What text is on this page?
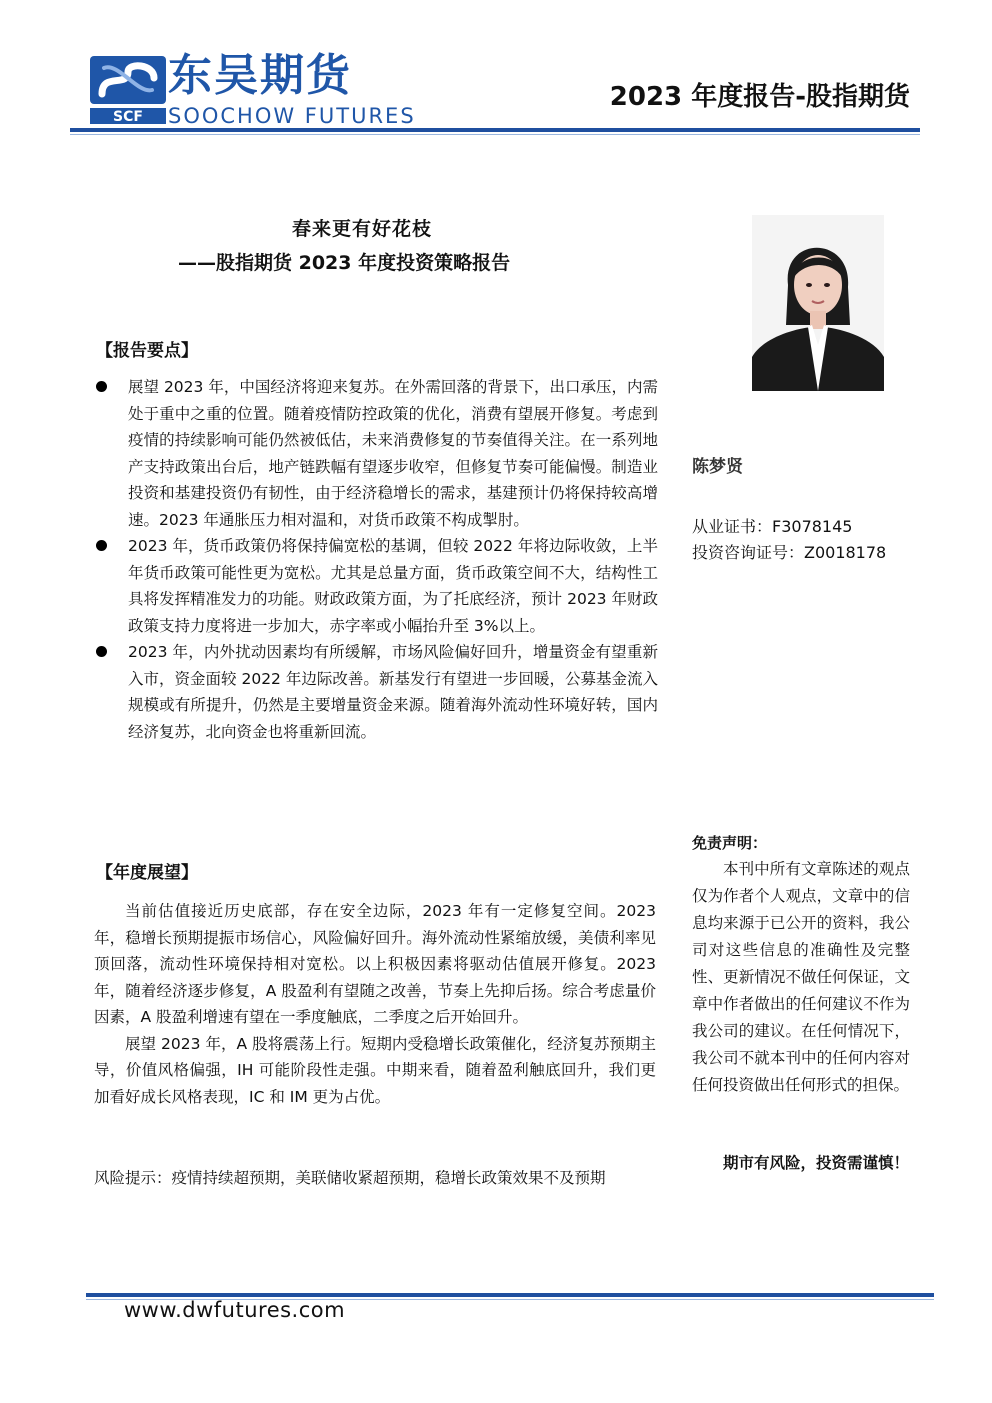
SCF
东吴期货
SOOCHOW FUTURES
2023 年度报告-股指期货
春来更有好花枝
——股指期货 2023 年度投资策略报告
陈梦贤
从业证书：F3078145
投资咨询证号：Z0018178
免责声明：
本刊中所有文章陈述的观点仅为作者个人观点，文章中的信息均来源于已公开的资料，我公司对这些信息的准确性及完整性、更新情况不做任何保证，文章中作者做出的任何建议不作为我公司的建议。在任何情况下，我公司不就本刊中的任何内容对任何投资做出任何形式的担保。
期市有风险，投资需谨慎！
【报告要点】
展望 2023 年，中国经济将迎来复苏。在外需回落的背景下，出口承压，内需处于重中之重的位置。随着疫情防控政策的优化，消费有望展开修复。考虑到疫情的持续影响可能仍然被低估，未来消费修复的节奏值得关注。在一系列地产支持政策出台后，地产链跌幅有望逐步收窄，但修复节奏可能偏慢。制造业投资和基建投资仍有韧性，由于经济稳增长的需求，基建预计仍将保持较高增速。2023 年通胀压力相对温和，对货币政策不构成掣肘。
2023 年，货币政策仍将保持偏宽松的基调，但较 2022 年将边际收敛，上半年货币政策可能性更为宽松。尤其是总量方面，货币政策空间不大，结构性工具将发挥精准发力的功能。财政政策方面，为了托底经济，预计 2023 年财政政策支持力度将进一步加大，赤字率或小幅抬升至 3%以上。
2023 年，内外扰动因素均有所缓解，市场风险偏好回升，增量资金有望重新入市，资金面较 2022 年边际改善。新基发行有望进一步回暖，公募基金流入规模或有所提升，仍然是主要增量资金来源。随着海外流动性环境好转，国内经济复苏，北向资金也将重新回流。
【年度展望】

当前估值接近历史底部，存在安全边际，2023 年有一定修复空间。2023 年，稳增长预期提振市场信心，风险偏好回升。海外流动性紧缩放缓，美债利率见顶回落，流动性环境保持相对宽松。以上积极因素将驱动估值展开修复。2023 年，随着经济逐步修复，A 股盈利有望随之改善，节奏上先抑后扬。综合考虑量价因素，A 股盈利增速有望在一季度触底，二季度之后开始回升。

展望 2023 年，A 股将震荡上行。短期内受稳增长政策催化，经济复苏预期主导，价值风格偏强，IH 可能阶段性走强。中期来看，随着盈利触底回升，我们更加看好成长风格表现，IC 和 IM 更为占优。

风险提示：疫情持续超预期，美联储收紧超预期，稳增长政策效果不及预期
www.dwfutures.com
